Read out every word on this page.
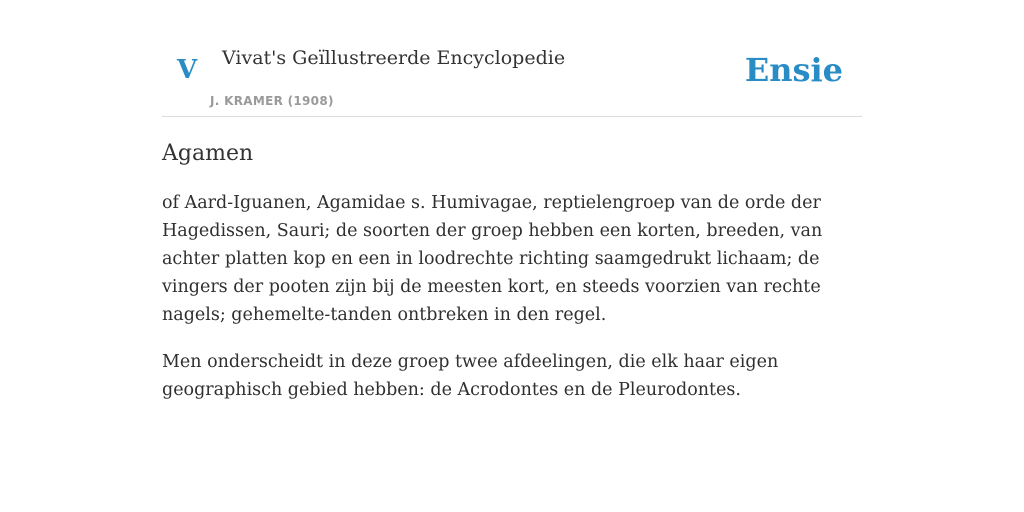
V Vivat's Geïllustreerde Encyclopedie
J. KRAMER (1908)
Ensie
Agamen

of Aard-Iguanen, Agamidae s. Humivagae, reptielengroep van de orde der Hagedissen, Sauri; de soorten der groep hebben een korten, breeden, van achter platten kop en een in loodrechte richting saamgedrukt lichaam; de vingers der pooten zijn bij de meesten kort, en steeds voorzien van rechte nagels; gehemelte-tanden ontbreken in den regel.

Men onderscheidt in deze groep twee afdeelingen, die elk haar eigen geographisch gebied hebben: de Acrodontes en de Pleurodontes.
